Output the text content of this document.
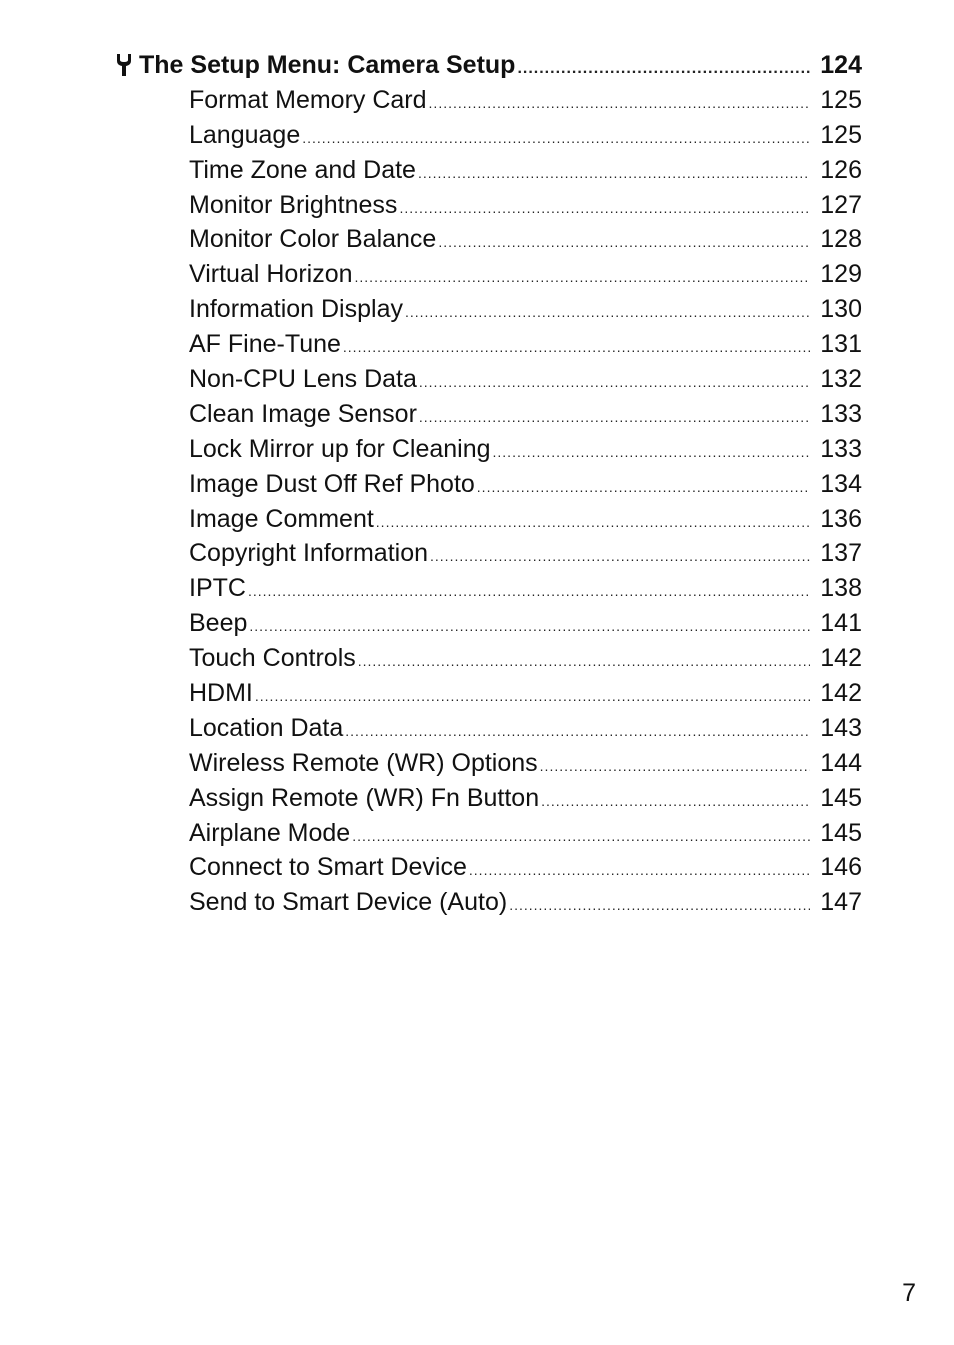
The Setup Menu: Camera Setup .....	124
Format Memory Card .....	125
Language .....	125
Time Zone and Date .....	126
Monitor Brightness .....	127
Monitor Color Balance .....	128
Virtual Horizon .....	129
Information Display .....	130
AF Fine-Tune .....	131
Non-CPU Lens Data .....	132
Clean Image Sensor .....	133
Lock Mirror up for Cleaning .....	133
Image Dust Off Ref Photo .....	134
Image Comment .....	136
Copyright Information .....	137
IPTC .....	138
Beep .....	141
Touch Controls .....	142
HDMI .....	142
Location Data .....	143
Wireless Remote (WR) Options .....	144
Assign Remote (WR) Fn Button .....	145
Airplane Mode .....	145
Connect to Smart Device .....	146
Send to Smart Device (Auto) .....	147
7
